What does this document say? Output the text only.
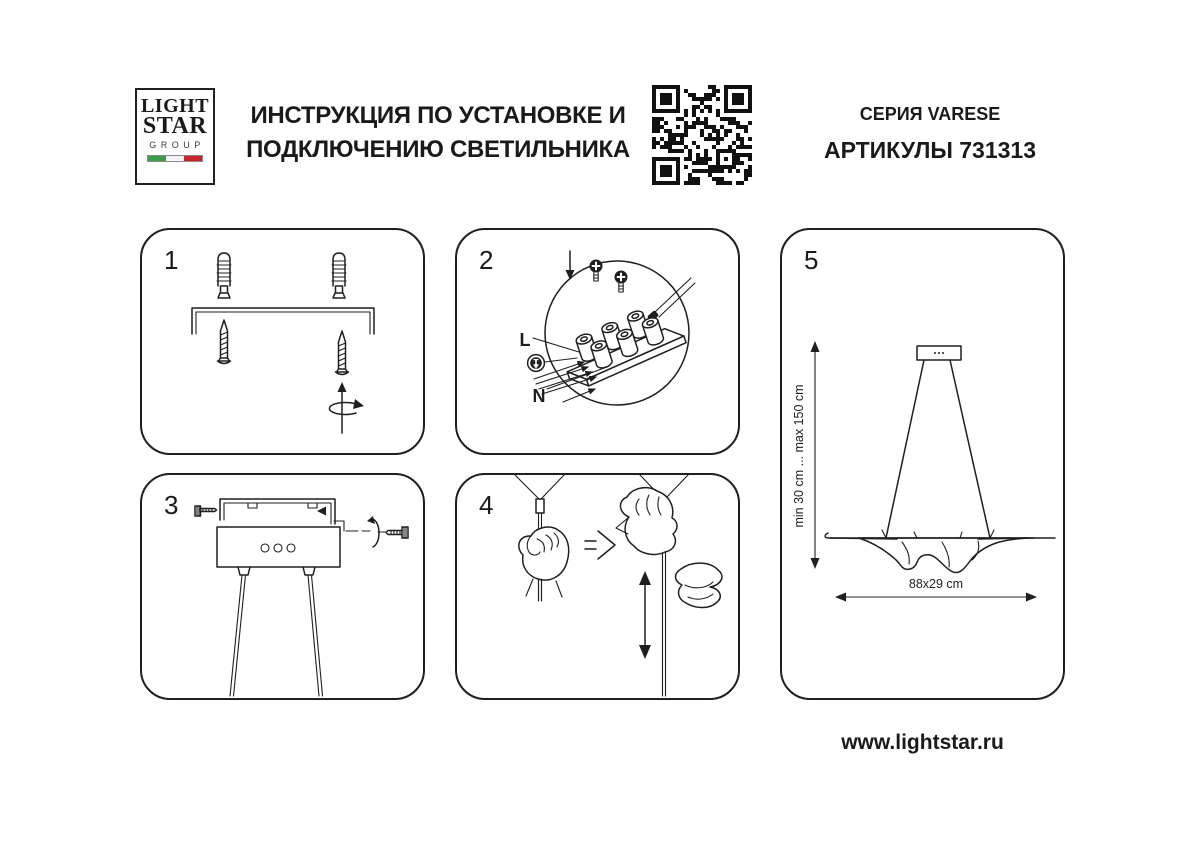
LIGHT
STAR
GROUP
ИНСТРУКЦИЯ ПО УСТАНОВКЕ И
ПОДКЛЮЧЕНИЮ СВЕТИЛЬНИКА
СЕРИЯ VARESE
АРТИКУЛЫ 731313
1	2
L
N
3	4
5
min 30 cm ... max 150 cm
88x29 cm
www.lightstar.ru
